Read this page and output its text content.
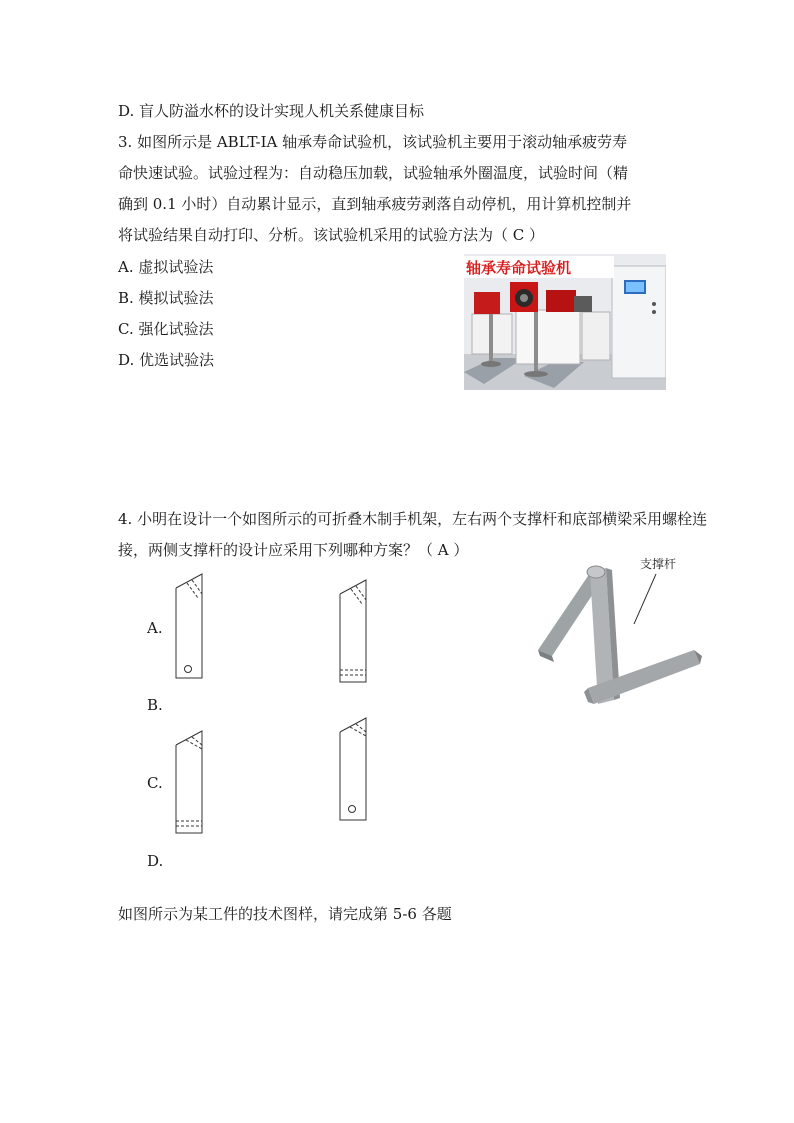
D. 盲人防溢水杯的设计实现人机关系健康目标
3. 如图所示是 ABLT-IA 轴承寿命试验机，该试验机主要用于滚动轴承疲劳寿
命快速试验。试验过程为：自动稳压加载，试验轴承外圈温度，试验时间（精
确到 0.1 小时）自动累计显示，直到轴承疲劳剥落自动停机，用计算机控制并
将试验结果自动打印、分析。该试验机采用的试验方法为（ C ）
A. 虚拟试验法
B. 模拟试验法
C. 强化试验法
D. 优选试验法
轴承寿命试验机
4. 小明在设计一个如图所示的可折叠木制手机架，左右两个支撑杆和底部横梁采用螺栓连
接，两侧支撑杆的设计应采用下列哪种方案？（ A ）
A.
B.
C.
D.
支撑杆
如图所示为某工件的技术图样，请完成第 5-6 各题
